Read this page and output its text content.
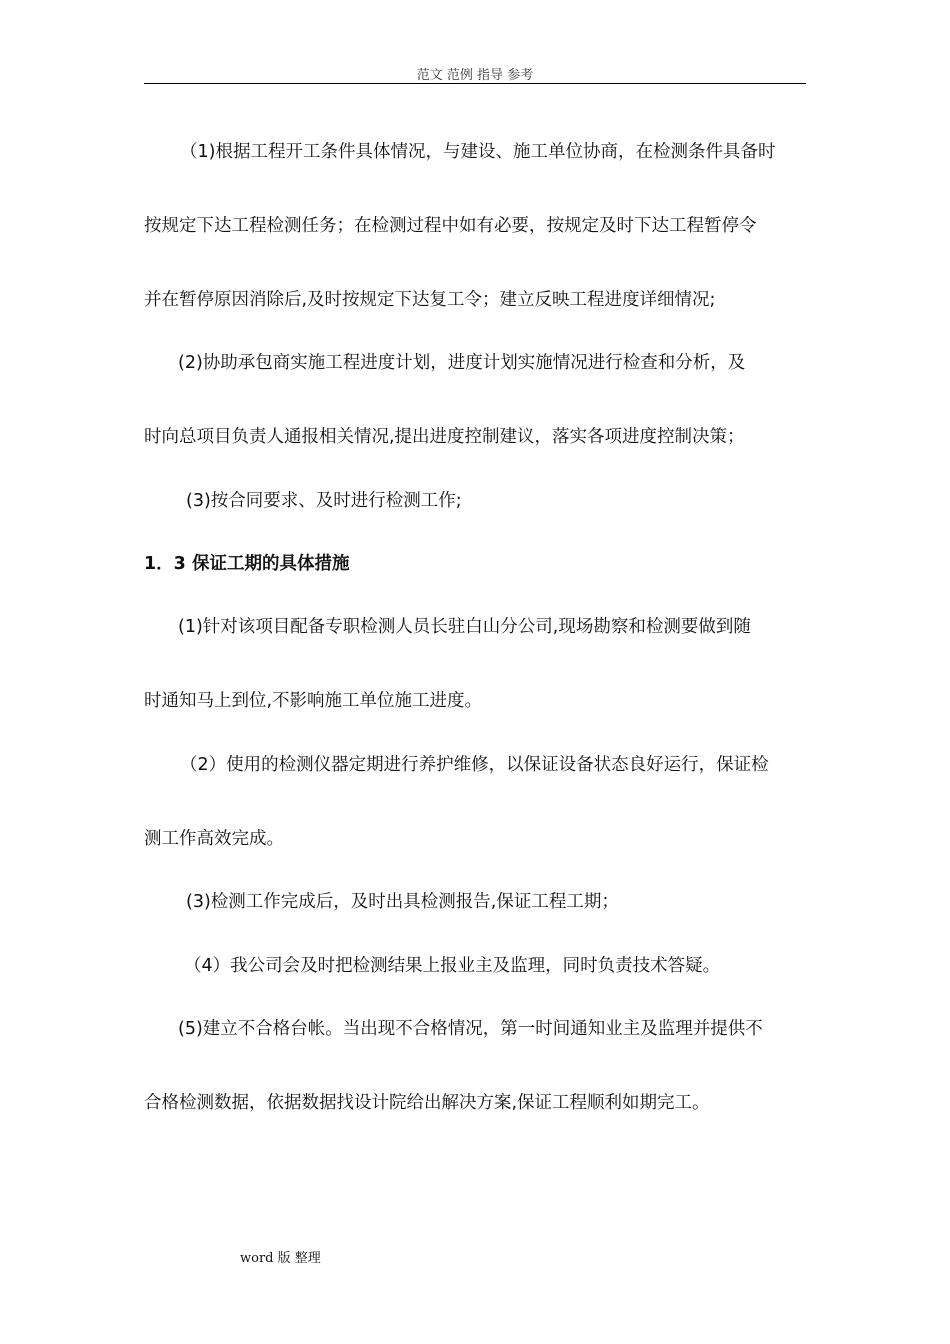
范文 范例 指导 参考
（1)根据工程开工条件具体情况，与建设、施工单位协商，在检测条件具备时
按规定下达工程检测任务；在检测过程中如有必要，按规定及时下达工程暂停令
并在暂停原因消除后,及时按规定下达复工令；建立反映工程进度详细情况;
(2)协助承包商实施工程进度计划，进度计划实施情况进行检查和分析，及
时向总项目负责人通报相关情况,提出进度控制建议，落实各项进度控制决策；
(3)按合同要求、及时进行检测工作;
1．3 保证工期的具体措施
(1)针对该项目配备专职检测人员长驻白山分公司,现场勘察和检测要做到随
时通知马上到位,不影响施工单位施工进度。
（2）使用的检测仪器定期进行养护维修，以保证设备状态良好运行，保证检
测工作高效完成。
(3)检测工作完成后，及时出具检测报告,保证工程工期；
（4）我公司会及时把检测结果上报业主及监理，同时负责技术答疑。
(5)建立不合格台帐。当出现不合格情况，第一时间通知业主及监理并提供不
合格检测数据，依据数据找设计院给出解决方案,保证工程顺利如期完工。
word 版 整理
